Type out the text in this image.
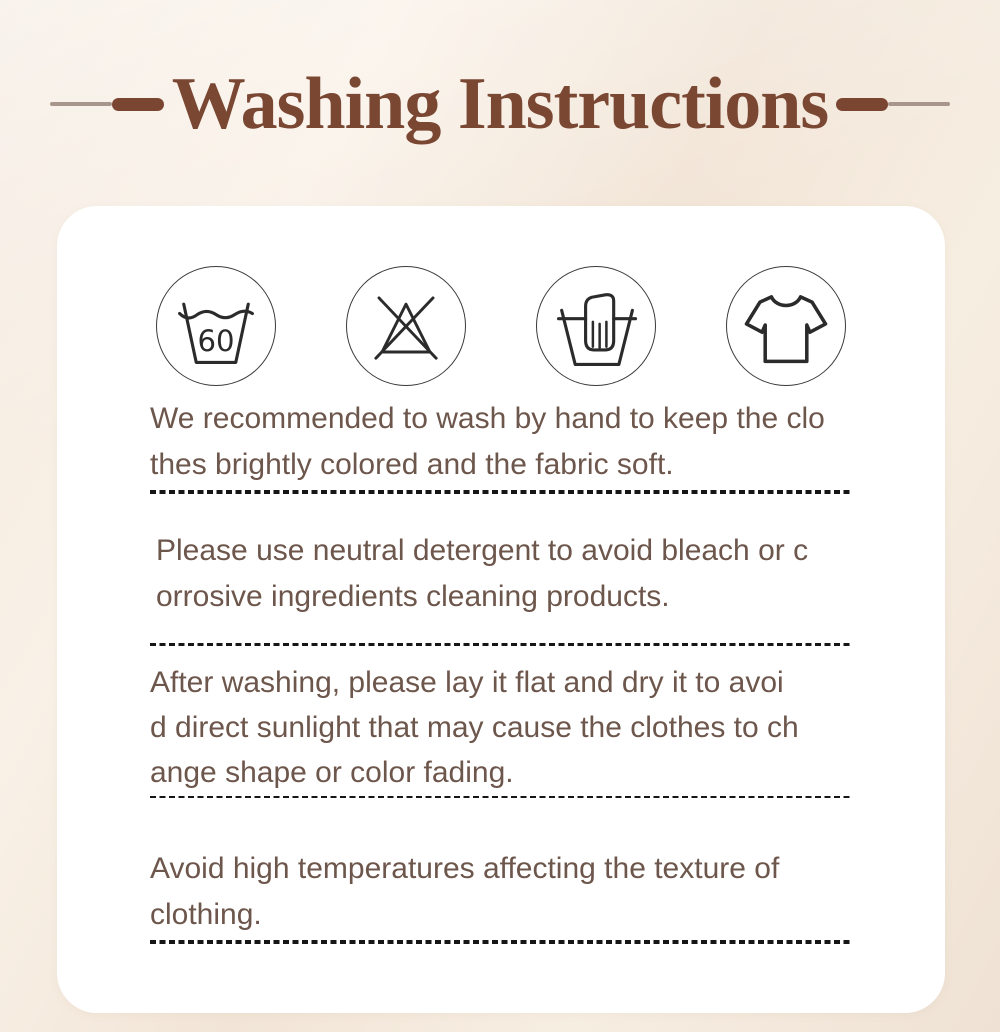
Washing Instructions
60
We recommended to wash by hand to keep the clo
thes brightly colored and the fabric soft.
Please use neutral detergent to avoid bleach or c
orrosive ingredients cleaning products.
After washing, please lay it flat and dry it to avoi
d direct sunlight that may cause the clothes to ch
ange shape or color fading.
Avoid high temperatures affecting the texture of
clothing.
